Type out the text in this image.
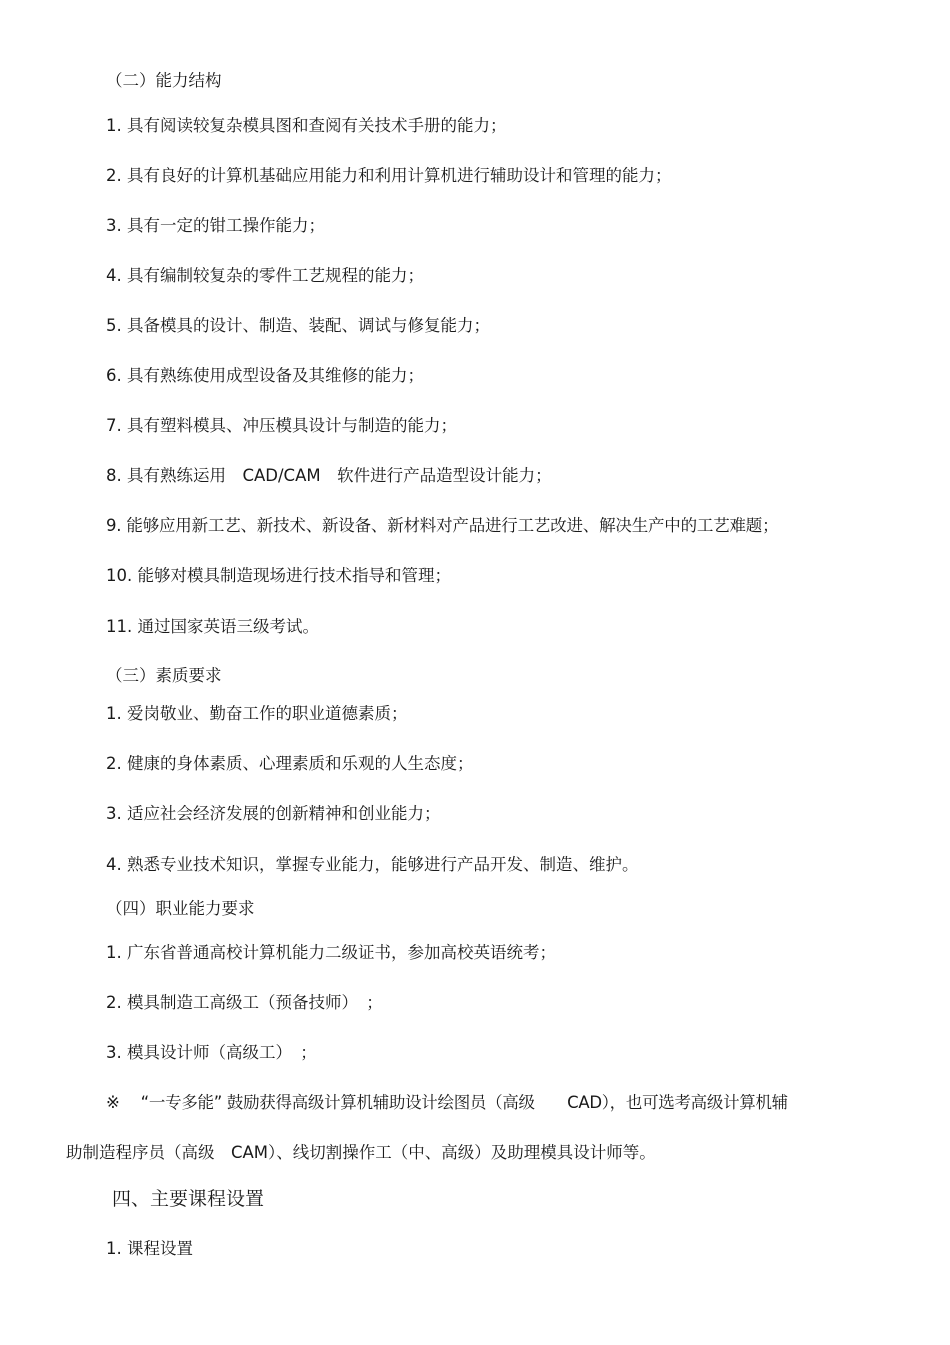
（二）能力结构
1. 具有阅读较复杂模具图和查阅有关技术手册的能力；
2. 具有良好的计算机基础应用能力和利用计算机进行辅助设计和管理的能力；
3. 具有一定的钳工操作能力；
4. 具有编制较复杂的零件工艺规程的能力；
5. 具备模具的设计、制造、装配、调试与修复能力；
6. 具有熟练使用成型设备及其维修的能力；
7. 具有塑料模具、冲压模具设计与制造的能力；
8. 具有熟练运用　CAD/CAM　软件进行产品造型设计能力；
9. 能够应用新工艺、新技术、新设备、新材料对产品进行工艺改进、解决生产中的工艺难题；
10. 能够对模具制造现场进行技术指导和管理；
11. 通过国家英语三级考试。
（三）素质要求
1. 爱岗敬业、勤奋工作的职业道德素质；
2. 健康的身体素质、心理素质和乐观的人生态度；
3. 适应社会经济发展的创新精神和创业能力；
4. 熟悉专业技术知识，掌握专业能力，能够进行产品开发、制造、维护。
（四）职业能力要求
1. 广东省普通高校计算机能力二级证书，参加高校英语统考；
2. 模具制造工高级工（预备技师）　；
3. 模具设计师（高级工）　；
※　 “一专多能” 鼓励获得高级计算机辅助设计绘图员（高级　　CAD），也可选考高级计算机辅
助制造程序员（高级　CAM）、线切割操作工（中、高级）及助理模具设计师等。
四、主要课程设置
1. 课程设置
